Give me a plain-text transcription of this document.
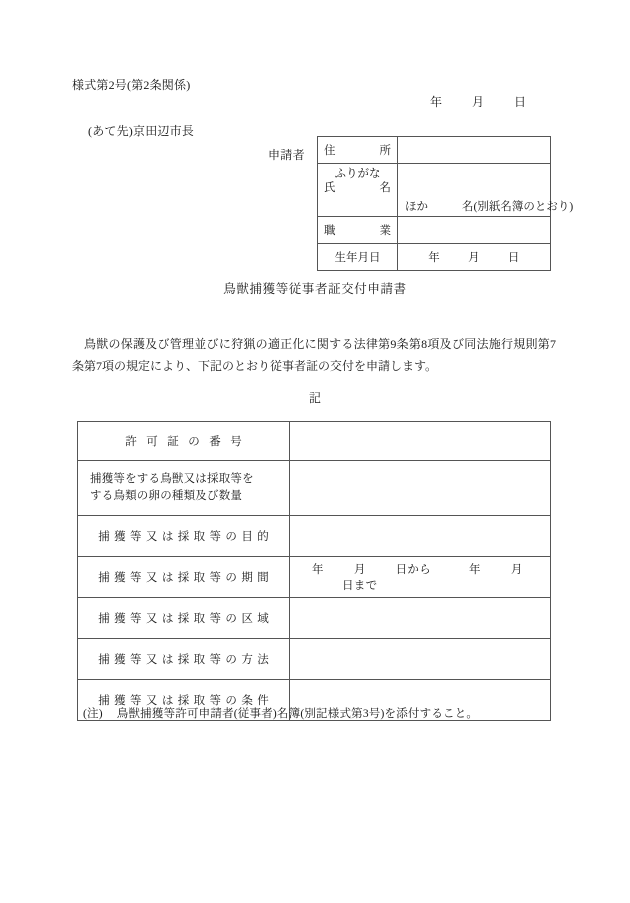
様式第2号(第2条関係)
年	月	日
(あて先)京田辺市長
申請者 住 所	

ふりがな
氏 名	ほか 名(別紙名簿のとおり)

職 業	

生年月日	年 月 日
鳥獣捕獲等従事者証交付申請書
鳥獣の保護及び管理並びに狩猟の適正化に関する法律第9条第8項及び同法施行規則第7条第7項の規定により、下記のとおり従事者証の交付を申請します。
記
許可証の番号	

捕獲等をする鳥獣又は採取等を
する鳥類の卵の種類及び数量	

捕獲等又は採取等の目的	
捕獲等又は採取等の期間	年 月 日から 年 月日まで
捕獲等又は採取等の区域	
捕獲等又は採取等の方法	
捕獲等又は採取等の条件	
(注) 鳥獣捕獲等許可申請者(従事者)名簿(別記様式第3号)を添付すること。
